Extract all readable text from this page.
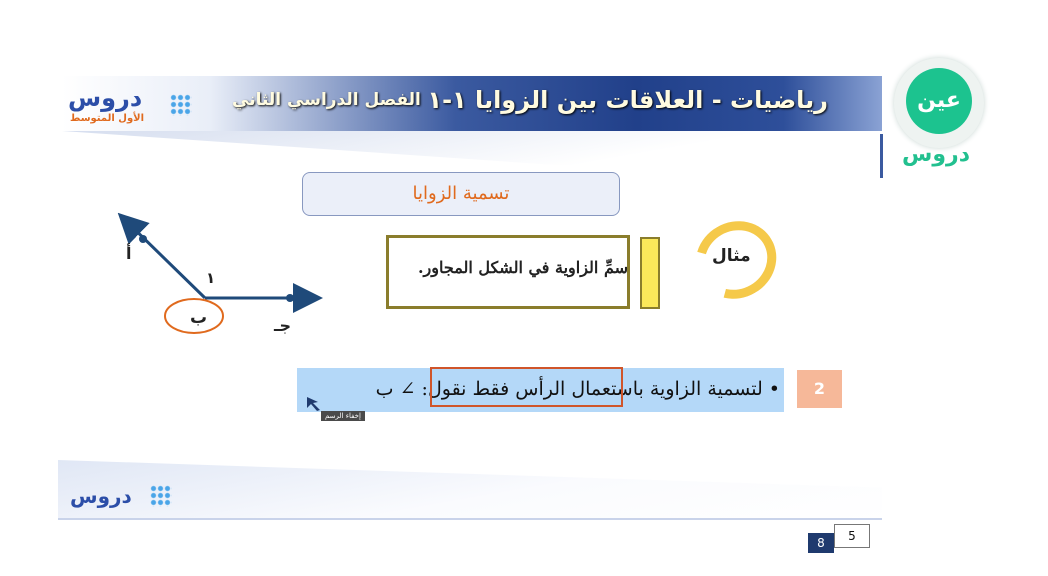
رياضيات - العلاقات بين الزوايا ١-١
الفصل الدراسي الثاني
دروس
الأول المتوسط
عين
دروس
تسمية الزوايا
أ
ب	جـ
١
سمِّ الزاوية في الشكل المجاور.
مثال
• لتسمية الزاوية باستعمال الرأس فقط نقول: ∠ ب	2
إخفاء الرسم
دروس
5
8
